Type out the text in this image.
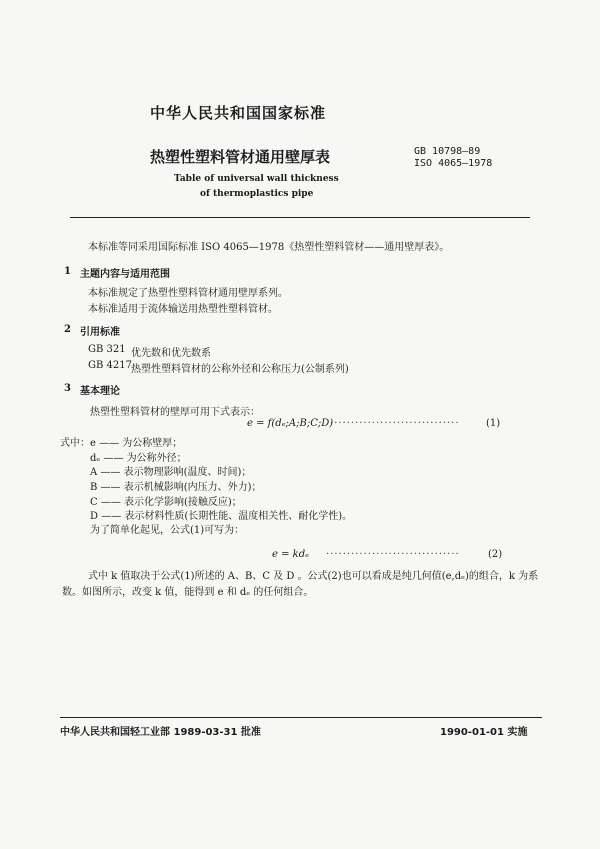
中华人民共和国国家标准
热塑性塑料管材通用壁厚表	GB 10798—89
ISO 4065—1978
Table of universal wall thickness
of thermoplastics pipe
本标准等同采用国际标准 ISO 4065—1978《热塑性塑料管材——通用壁厚表》。
1 主题内容与适用范围
本标准规定了热塑性塑料管材通用壁厚系列。
本标准适用于流体输送用热塑性塑料管材。
2 引用标准
GB 321 优先数和优先数系
GB 4217 热塑性塑料管材的公称外径和公称压力(公制系列)
3 基本理论
热塑性塑料管材的壁厚可用下式表示：
e = f(dₑ;A;B;C;D)
·······························	(1)
式中： e —— 为公称壁厚；
dₑ —— 为公称外径；
A —— 表示物理影响(温度、时间)；
B —— 表示机械影响(内压力、外力)；
C —— 表示化学影响(接触反应)；
D —— 表示材料性质(长期性能、温度相关性、耐化学性)。
为了简单化起见，公式(1)可写为：
e = kdₑ ································	(2)
式中 k 值取决于公式(1)所述的 A、B、C 及 D 。公式(2)也可以看成是纯几何值(e,dₑ)的组合，k 为系
数。如图所示，改变 k 值，能得到 e 和 dₑ 的任何组合。
中华人民共和国轻工业部 1989-03-31 批准	1990-01-01 实施
